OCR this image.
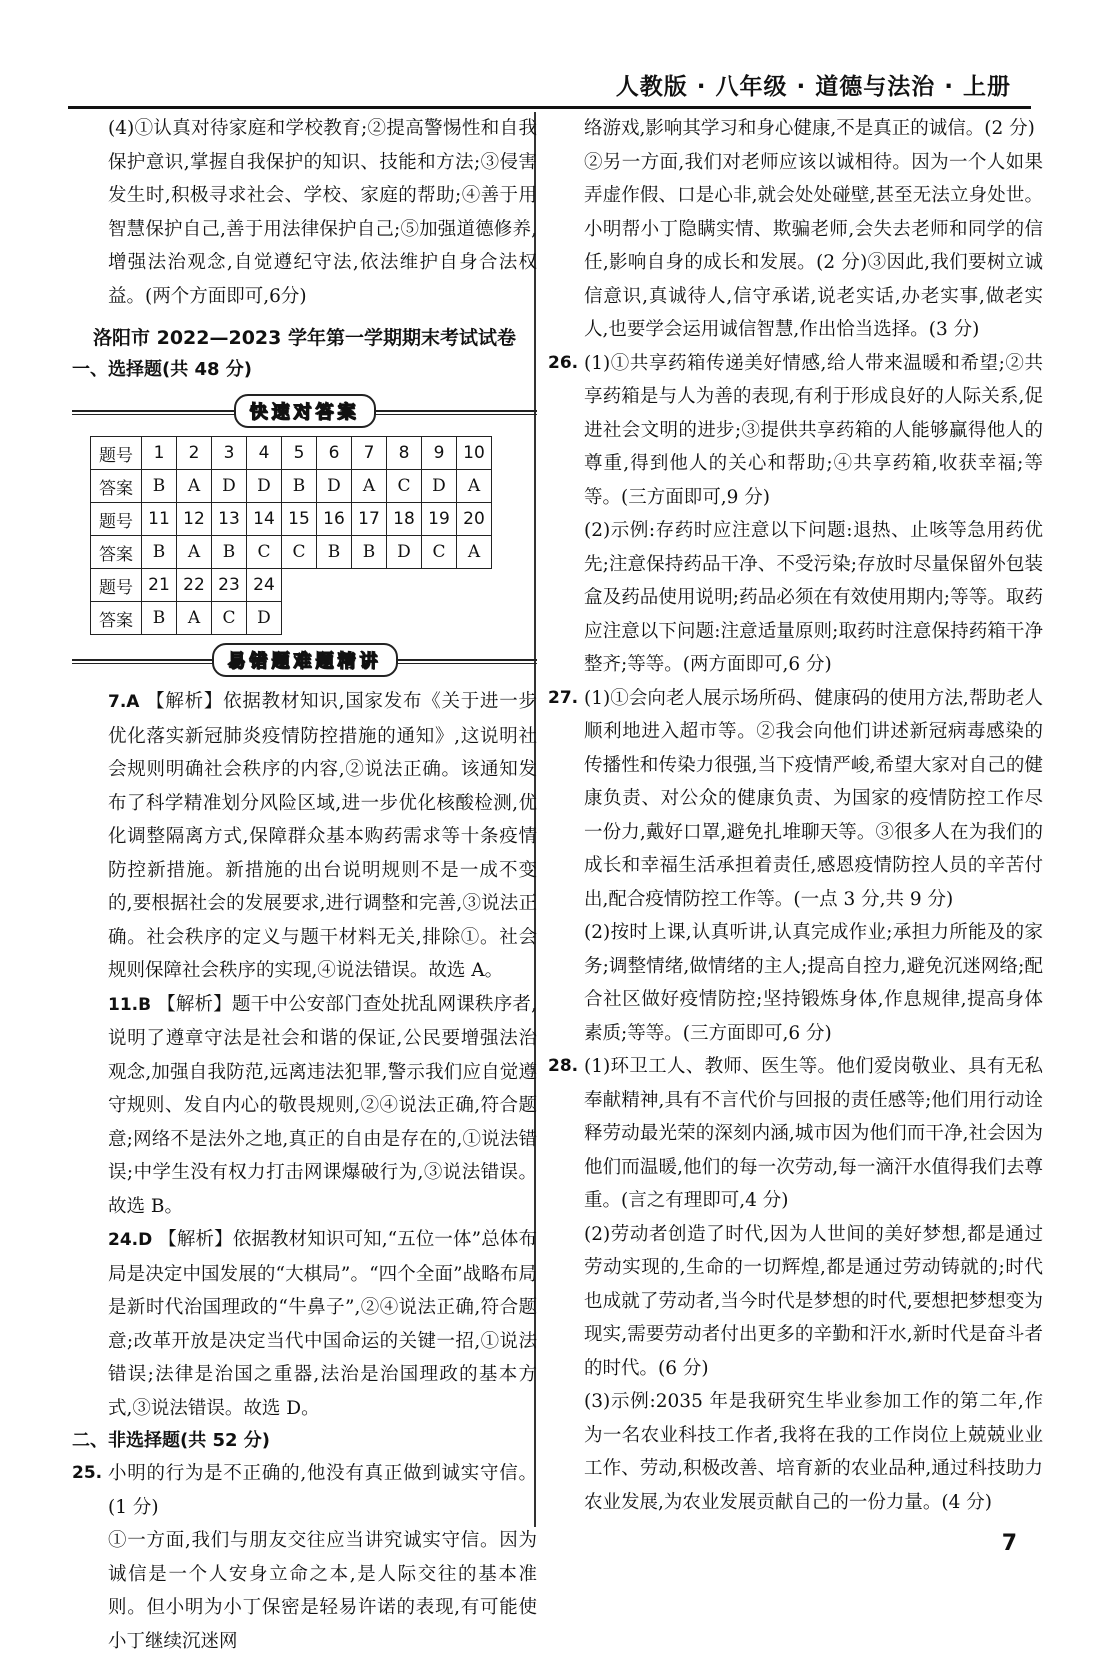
人教版 · 八年级 · 道德与法治 · 上册

(4)①认真对待家庭和学校教育;②提高警惕性和自我保护意识,掌握自我保护的知识、技能和方法;③侵害发生时,积极寻求社会、学校、家庭的帮助;④善于用智慧保护自己,善于用法律保护自己;⑤加强道德修养,增强法治观念,自觉遵纪守法,依法维护自身合法权益。(两个方面即可,6分)

洛阳市 2022—2023 学年第一学期期末考试试卷
一、选择题(共 48 分)
快速对答案
题号	1	2	3	4	5	6	7	8	9	10
答案	B	A	D	D	B	D	A	C	D	A
题号	11	12	13	14	15	16	17	18	19	20
答案	B	A	B	C	C	B	B	D	C	A
题号	21	22	23	24						
答案	B	A	C	D						
易错题难题精讲

7.A 【解析】依据教材知识,国家发布《关于进一步优化落实新冠肺炎疫情防控措施的通知》,这说明社会规则明确社会秩序的内容,②说法正确。该通知发布了科学精准划分风险区域,进一步优化核酸检测,优化调整隔离方式,保障群众基本购药需求等十条疫情防控新措施。新措施的出台说明规则不是一成不变的,要根据社会的发展要求,进行调整和完善,③说法正确。社会秩序的定义与题干材料无关,排除①。社会规则保障社会秩序的实现,④说法错误。故选 A。

11.B 【解析】题干中公安部门查处扰乱网课秩序者,说明了遵章守法是社会和谐的保证,公民要增强法治观念,加强自我防范,远离违法犯罪,警示我们应自觉遵守规则、发自内心的敬畏规则,②④说法正确,符合题意;网络不是法外之地,真正的自由是存在的,①说法错误;中学生没有权力打击网课爆破行为,③说法错误。故选 B。

24.D 【解析】依据教材知识可知,“五位一体”总体布局是决定中国发展的“大棋局”。“四个全面”战略布局是新时代治国理政的“牛鼻子”,②④说法正确,符合题意;改革开放是决定当代中国命运的关键一招,①说法错误;法律是治国之重器,法治是治国理政的基本方式,③说法错误。故选 D。

二、非选择题(共 52 分)

25. 小明的行为是不正确的,他没有真正做到诚实守信。(1 分)

①一方面,我们与朋友交往应当讲究诚实守信。因为诚信是一个人安身立命之本,是人际交往的基本准则。但小明为小丁保密是轻易许诺的表现,有可能使小丁继续沉迷网

络游戏,影响其学习和身心健康,不是真正的诚信。(2 分)

②另一方面,我们对老师应该以诚相待。因为一个人如果弄虚作假、口是心非,就会处处碰壁,甚至无法立身处世。小明帮小丁隐瞒实情、欺骗老师,会失去老师和同学的信任,影响自身的成长和发展。(2 分)③因此,我们要树立诚信意识,真诚待人,信守承诺,说老实话,办老实事,做老实人,也要学会运用诚信智慧,作出恰当选择。(3 分)

26. (1)①共享药箱传递美好情感,给人带来温暖和希望;②共享药箱是与人为善的表现,有利于形成良好的人际关系,促进社会文明的进步;③提供共享药箱的人能够赢得他人的尊重,得到他人的关心和帮助;④共享药箱,收获幸福;等等。(三方面即可,9 分)

(2)示例:存药时应注意以下问题:退热、止咳等急用药优先;注意保持药品干净、不受污染;存放时尽量保留外包装盒及药品使用说明;药品必须在有效使用期内;等等。取药应注意以下问题:注意适量原则;取药时注意保持药箱干净整齐;等等。(两方面即可,6 分)

27. (1)①会向老人展示场所码、健康码的使用方法,帮助老人顺利地进入超市等。②我会向他们讲述新冠病毒感染的传播性和传染力很强,当下疫情严峻,希望大家对自己的健康负责、对公众的健康负责、为国家的疫情防控工作尽一份力,戴好口罩,避免扎堆聊天等。③很多人在为我们的成长和幸福生活承担着责任,感恩疫情防控人员的辛苦付出,配合疫情防控工作等。(一点 3 分,共 9 分)

(2)按时上课,认真听讲,认真完成作业;承担力所能及的家务;调整情绪,做情绪的主人;提高自控力,避免沉迷网络;配合社区做好疫情防控;坚持锻炼身体,作息规律,提高身体素质;等等。(三方面即可,6 分)

28. (1)环卫工人、教师、医生等。他们爱岗敬业、具有无私奉献精神,具有不言代价与回报的责任感等;他们用行动诠释劳动最光荣的深刻内涵,城市因为他们而干净,社会因为他们而温暖,他们的每一次劳动,每一滴汗水值得我们去尊重。(言之有理即可,4 分)

(2)劳动者创造了时代,因为人世间的美好梦想,都是通过劳动实现的,生命的一切辉煌,都是通过劳动铸就的;时代也成就了劳动者,当今时代是梦想的时代,要想把梦想变为现实,需要劳动者付出更多的辛勤和汗水,新时代是奋斗者的时代。(6 分)

(3)示例:2035 年是我研究生毕业参加工作的第二年,作为一名农业科技工作者,我将在我的工作岗位上兢兢业业工作、劳动,积极改善、培育新的农业品种,通过科技助力农业发展,为农业发展贡献自己的一份力量。(4 分)

7
